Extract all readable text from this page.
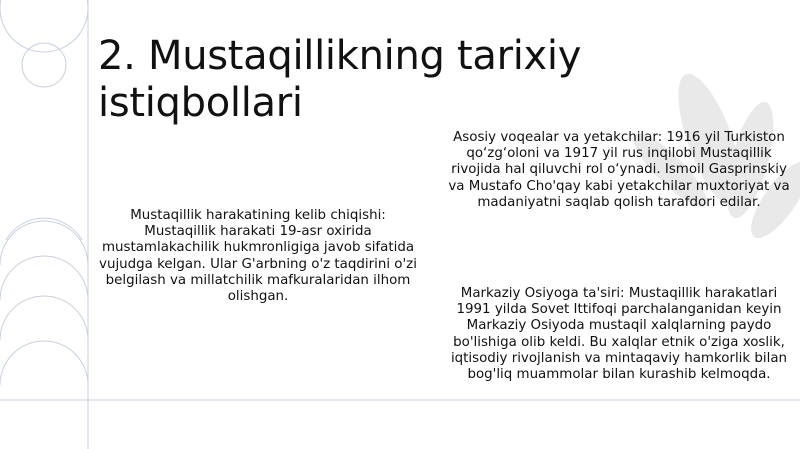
2. Mustaqillikning tarixiy istiqbollari
Mustaqillik harakatining kelib chiqishi: Mustaqillik harakati 19-asr oxirida mustamlakachilik hukmronligiga javob sifatida vujudga kelgan. Ular G'arbning o'z taqdirini o'zi belgilash va millatchilik mafkuralaridan ilhom olishgan.
Asosiy voqealar va yetakchilar: 1916 yil Turkiston qo‘zg‘oloni va 1917 yil rus inqilobi Mustaqillik rivojida hal qiluvchi rol o‘ynadi. Ismoil Gasprinskiy va Mustafo Cho'qay kabi yetakchilar muxtoriyat va madaniyatni saqlab qolish tarafdori edilar.
Markaziy Osiyoga ta'siri: Mustaqillik harakatlari 1991 yilda Sovet Ittifoqi parchalanganidan keyin Markaziy Osiyoda mustaqil xalqlarning paydo bo'lishiga olib keldi. Bu xalqlar etnik o'ziga xoslik, iqtisodiy rivojlanish va mintaqaviy hamkorlik bilan bog'liq muammolar bilan kurashib kelmoqda.
